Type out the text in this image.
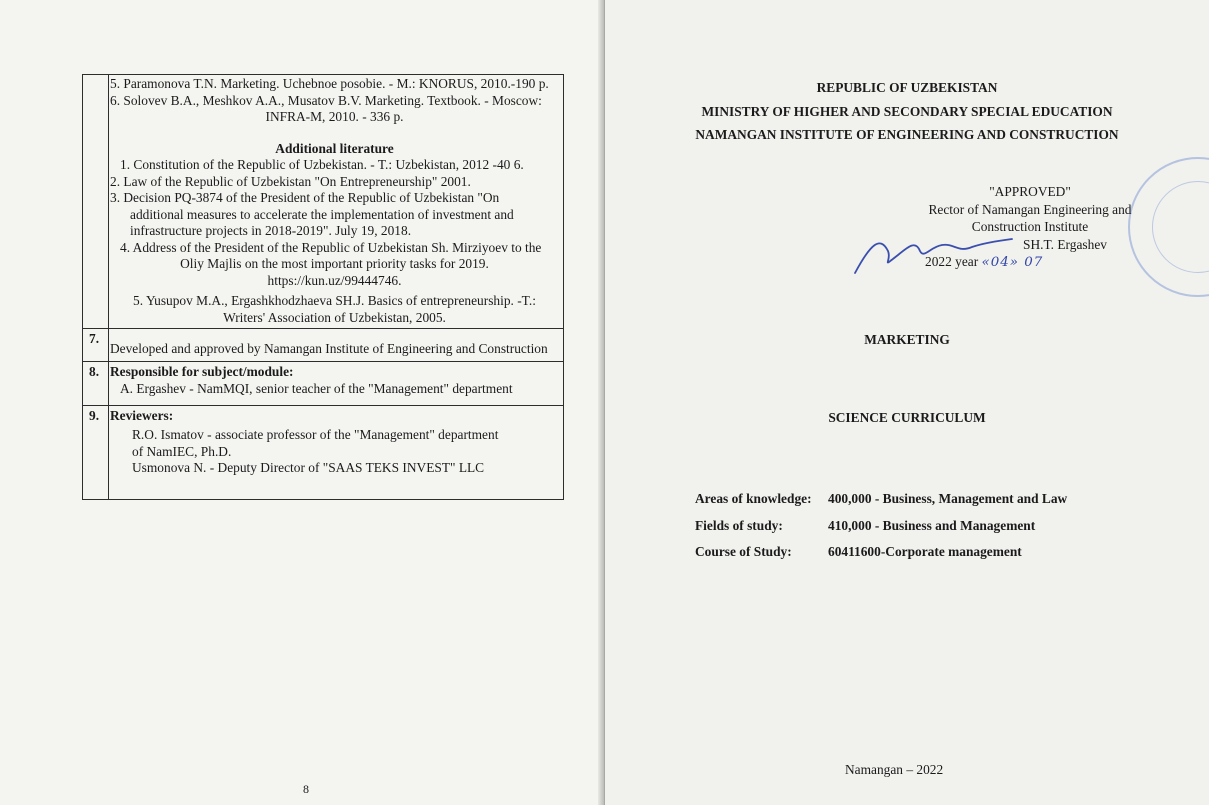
5. Paramonova T.N. Marketing. Uchebnoe posobie. - M.: KNORUS, 2010.-190 p.
6. Solovev B.A., Meshkov A.A., Musatov B.V. Marketing. Textbook. - Moscow:
INFRA-M, 2010. - 336 p.
Additional literature
1. Constitution of the Republic of Uzbekistan. - T.: Uzbekistan, 2012 -40 6.
2. Law of the Republic of Uzbekistan "On Entrepreneurship" 2001.
3. Decision PQ-3874 of the President of the Republic of Uzbekistan "On
additional measures to accelerate the implementation of investment and
infrastructure projects in 2018-2019". July 19, 2018.
4. Address of the President of the Republic of Uzbekistan Sh. Mirziyoev to the
Oliy Majlis on the most important priority tasks for 2019.
https://kun.uz/99444746.
5. Yusupov M.A., Ergashkhodzhaeva SH.J. Basics of entrepreneurship. -T.:
Writers' Association of Uzbekistan, 2005.
7.
Developed and approved by Namangan Institute of Engineering and Construction
8. Responsible for subject/module:
A. Ergashev - NamMQI, senior teacher of the "Management" department
9. Reviewers:
R.O. Ismatov - associate professor of the "Management" department
of NamIEC, Ph.D.
Usmonova N. - Deputy Director of "SAAS TEKS INVEST" LLC
8
REPUBLIC OF UZBEKISTAN
MINISTRY OF HIGHER AND SECONDARY SPECIAL EDUCATION
NAMANGAN INSTITUTE OF ENGINEERING AND CONSTRUCTION
"APPROVED"
Rector of Namangan Engineering and
Construction Institute
SH.T. Ergashev
2022 year «04» 07
MARKETING
SCIENCE CURRICULUM
Areas of knowledge: 400,000 - Business, Management and Law
Fields of study:	410,000 - Business and Management
Course of Study:	60411600-Corporate management
Namangan – 2022
